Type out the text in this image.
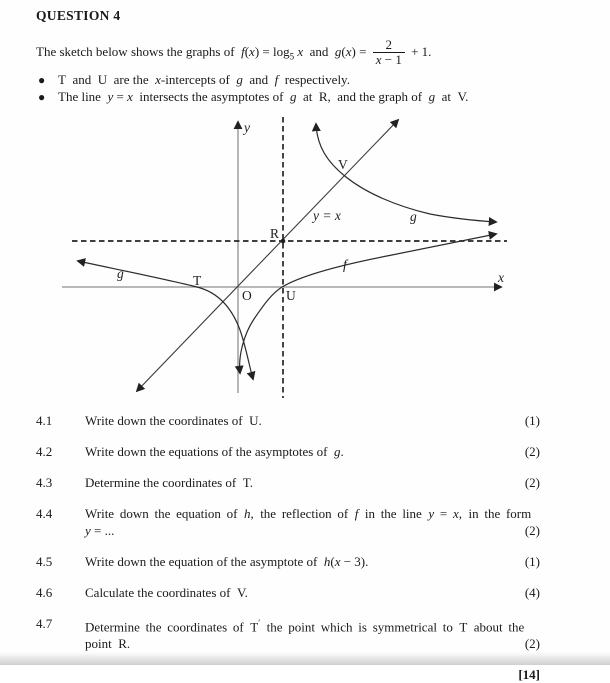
QUESTION 4
The sketch below shows the graphs of $f(x) = \log_5 x$ and $g(x) = \frac{2}{x - 1} + 1$.
● T and U are the x-intercepts of g and f respectively.
● The line y = x intersects the asymptotes of g at R, and the graph of g at V.
y
x
O
T
U
R
V
g
g
f
y = x
4.1	Write down the coordinates of U.	(1)
4.2	Write down the equations of the asymptotes of g.	(2)
4.3	Determine the coordinates of T.	(2)
4.4	Write down the equation of h, the reflection of f in the line y = x, in the form
y = ...	(2)
4.5	Write down the equation of the asymptote of h(x − 3).	(1)
4.6	Calculate the coordinates of V.	(4)
4.7	Determine the coordinates of T′ the point which is symmetrical to T about the
point R.	(2)
[14]
